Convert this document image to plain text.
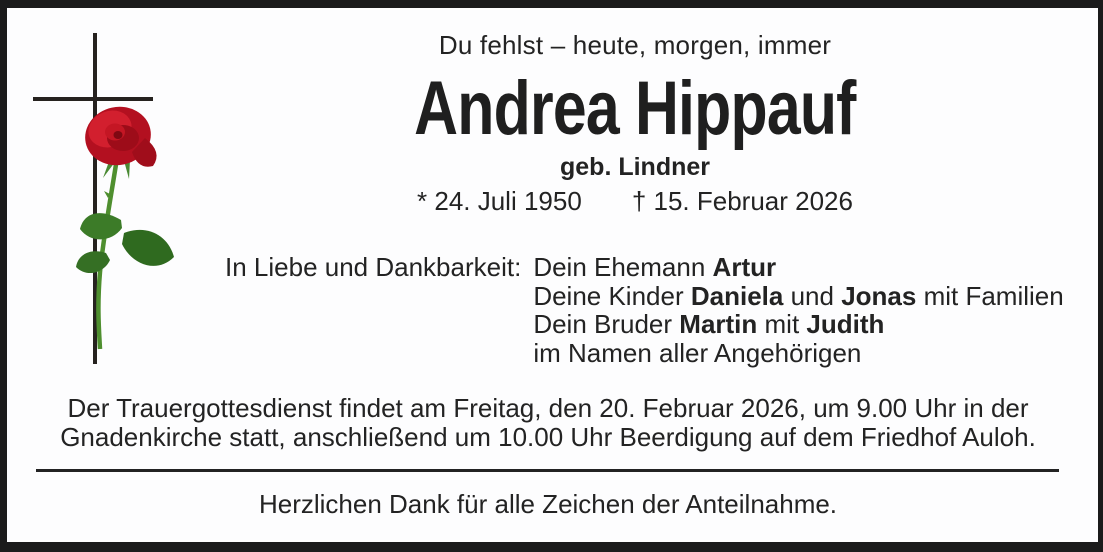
Du fehlst – heute, morgen, immer
Andrea Hippauf
geb. Lindner
* 24. Juli 1950 † 15. Februar 2026
In Liebe und Dankbarkeit: Dein Ehemann Artur
Deine Kinder Daniela und Jonas mit Familien
Dein Bruder Martin mit Judith
im Namen aller Angehörigen
Der Trauergottesdienst findet am Freitag, den 20. Februar 2026, um 9.00 Uhr in der
Gnadenkirche statt, anschließend um 10.00 Uhr Beerdigung auf dem Friedhof Auloh.
Herzlichen Dank für alle Zeichen der Anteilnahme.
